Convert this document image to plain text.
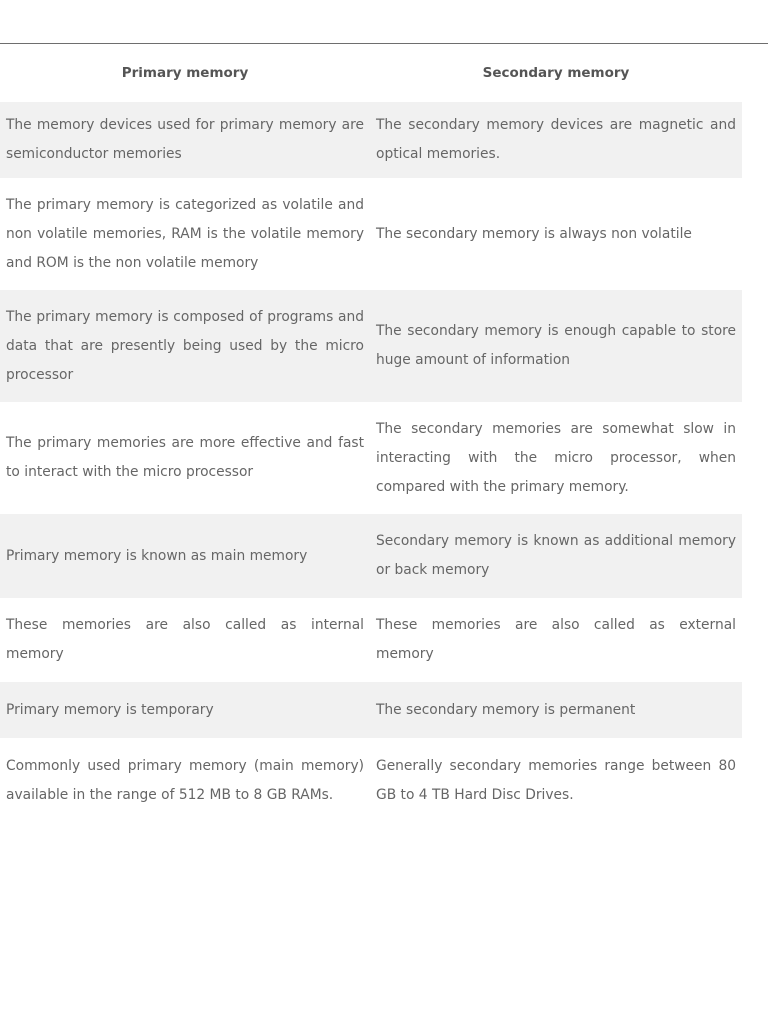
Primary memory	Secondary memory
The memory devices used for primary memory are semiconductor memories	The secondary memory devices are magnetic and optical memories.
The primary memory is categorized as volatile and non volatile memories, RAM is the volatile memory and ROM is the non volatile memory	The secondary memory is always non volatile
The primary memory is composed of programs and data that are presently being used by the micro processor	The secondary memory is enough capable to store huge amount of information
The primary memories are more effective and fast to interact with the micro processor	The secondary memories are somewhat slow in interacting with the micro processor, when compared with the primary memory.
Primary memory is known as main memory	Secondary memory is known as additional memory or back memory
These memories are also called as internal memory	These memories are also called as external memory
Primary memory is temporary	The secondary memory is permanent
Commonly used primary memory (main memory) available in the range of 512 MB to 8 GB RAMs.	Generally secondary memories range between 80 GB to 4 TB Hard Disc Drives.
